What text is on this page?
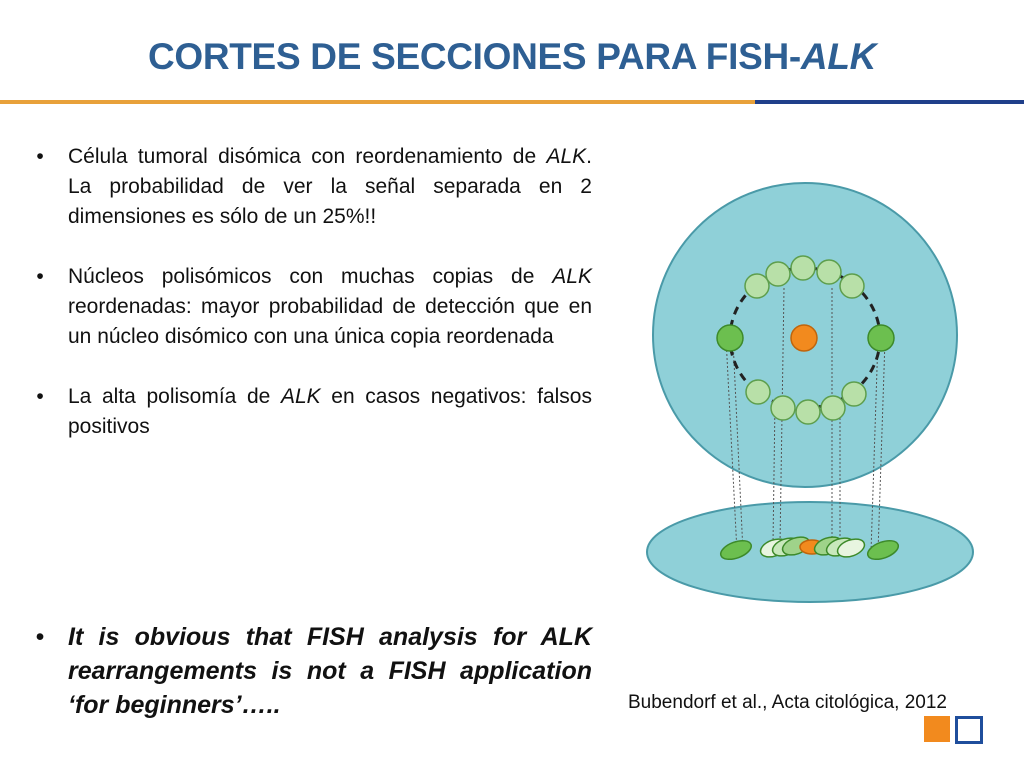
CORTES DE SECCIONES PARA FISH-ALK
•	Célula tumoral disómica con reordenamiento de ALK. La probabilidad de ver la señal separada en 2 dimensiones es sólo de un 25%!!
•	Núcleos polisómicos con muchas copias de ALK reordenadas: mayor probabilidad de detección que en un núcleo disómico con una única copia reordenada
•	La alta polisomía de ALK en casos negativos: falsos positivos
• It is obvious that FISH analysis for ALK rearrangements is not a FISH application ‘for beginners’…..	Bubendorf et al., Acta citológica, 2012
